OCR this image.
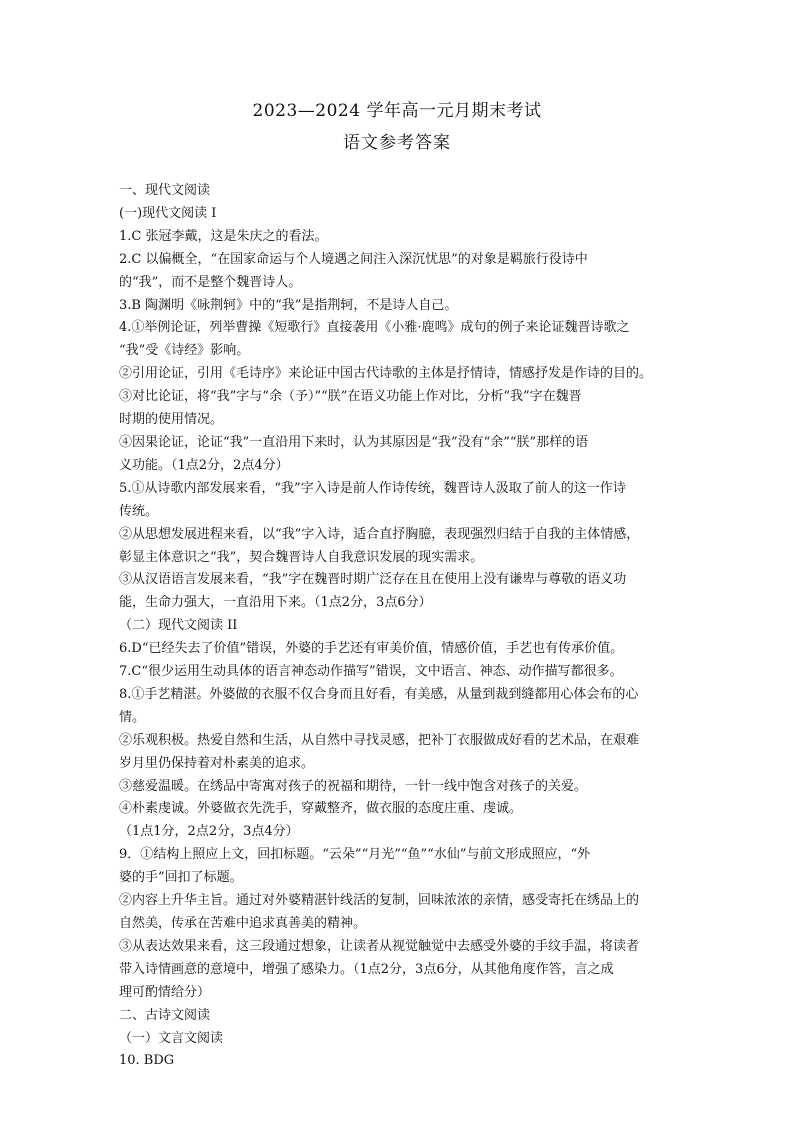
2023—2024 学年高一元月期末考试
语文参考答案

一、现代文阅读

(一)现代文阅读 I

1.C 张冠李戴，这是朱庆之的看法。

2.C 以偏概全，“在国家命运与个人境遇之间注入深沉忧思”的对象是羁旅行役诗中

的“我”，而不是整个魏晋诗人。

3.B 陶渊明《咏荆轲》中的“我”是指荆轲，不是诗人自己。

4.①举例论证，列举曹操《短歌行》直接袭用《小雅·鹿鸣》成句的例子来论证魏晋诗歌之

“我”受《诗经》影响。

②引用论证，引用《毛诗序》来论证中国古代诗歌的主体是抒情诗，情感抒发是作诗的目的。

③对比论证，将“我”字与“余（予）”“朕”在语义功能上作对比，分析“我”字在魏晋

时期的使用情况。

④因果论证，论证“我”一直沿用下来时，认为其原因是“我”没有“余”“朕”那样的语

义功能。（1点2分，2点4分）

5.①从诗歌内部发展来看，“我”字入诗是前人作诗传统，魏晋诗人汲取了前人的这一作诗

传统。

②从思想发展进程来看，以“我”字入诗，适合直抒胸臆，表现强烈归结于自我的主体情感，

彰显主体意识之“我”，契合魏晋诗人自我意识发展的现实需求。

③从汉语语言发展来看，“我”字在魏晋时期广泛存在且在使用上没有谦卑与尊敬的语义功

能，生命力强大，一直沿用下来。（1点2分，3点6分）

（二）现代文阅读 II

6.D“已经失去了价值”错误，外婆的手艺还有审美价值，情感价值，手艺也有传承价值。

7.C“很少运用生动具体的语言神态动作描写”错误，文中语言、神态、动作描写都很多。

8.①手艺精湛。外婆做的衣服不仅合身而且好看，有美感，从量到裁到缝都用心体会布的心

情。

②乐观积极。热爱自然和生活，从自然中寻找灵感，把补丁衣服做成好看的艺术品，在艰难

岁月里仍保持着对朴素美的追求。

③慈爱温暖。在绣品中寄寓对孩子的祝福和期待，一针一线中饱含对孩子的关爱。

④朴素虔诚。外婆做衣先洗手，穿戴整齐，做衣服的态度庄重、虔诚。

（1点1分，2点2分，3点4分）

9．①结构上照应上文，回扣标题。“云朵”“月光”“鱼”“水仙”与前文形成照应，“外

婆的手”回扣了标题。

②内容上升华主旨。通过对外婆精湛针线活的复制，回味浓浓的亲情，感受寄托在绣品上的

自然美，传承在苦难中追求真善美的精神。

③从表达效果来看，这三段通过想象，让读者从视觉触觉中去感受外婆的手纹手温，将读者

带入诗情画意的意境中，增强了感染力。（1点2分，3点6分，从其他角度作答，言之成

理可酌情给分）

二、古诗文阅读

（一）文言文阅读

10. BDG
